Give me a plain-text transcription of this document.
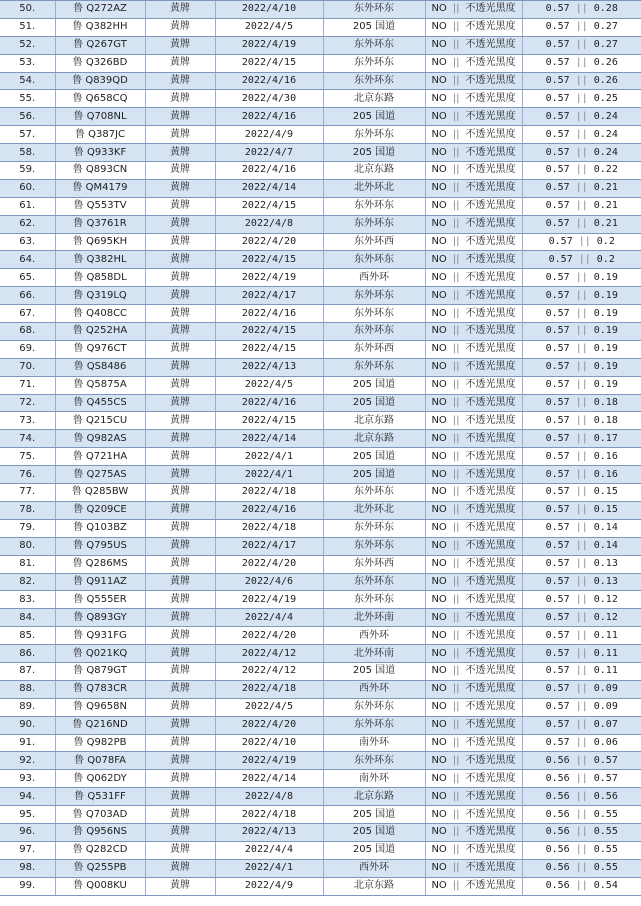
50.	鲁 Q272AZ	黄牌	2022/4/10	东外环东	NO || 不透光黑度	0.57 || 0.28
51.	鲁 Q382HH	黄牌	2022/4/5	205 国道	NO || 不透光黑度	0.57 || 0.27
52.	鲁 Q267GT	黄牌	2022/4/19	东外环东	NO || 不透光黑度	0.57 || 0.27
53.	鲁 Q326BD	黄牌	2022/4/15	东外环东	NO || 不透光黑度	0.57 || 0.26
54.	鲁 Q839QD	黄牌	2022/4/16	东外环东	NO || 不透光黑度	0.57 || 0.26
55.	鲁 Q658CQ	黄牌	2022/4/30	北京东路	NO || 不透光黑度	0.57 || 0.25
56.	鲁 Q708NL	黄牌	2022/4/16	205 国道	NO || 不透光黑度	0.57 || 0.24
57.	鲁 Q387JC	黄牌	2022/4/9	东外环东	NO || 不透光黑度	0.57 || 0.24
58.	鲁 Q933KF	黄牌	2022/4/7	205 国道	NO || 不透光黑度	0.57 || 0.24
59.	鲁 Q893CN	黄牌	2022/4/16	北京东路	NO || 不透光黑度	0.57 || 0.22
60.	鲁 QM4179	黄牌	2022/4/14	北外环北	NO || 不透光黑度	0.57 || 0.21
61.	鲁 Q553TV	黄牌	2022/4/15	东外环东	NO || 不透光黑度	0.57 || 0.21
62.	鲁 Q3761R	黄牌	2022/4/8	东外环东	NO || 不透光黑度	0.57 || 0.21
63.	鲁 Q695KH	黄牌	2022/4/20	东外环西	NO || 不透光黑度	0.57 || 0.2
64.	鲁 Q382HL	黄牌	2022/4/15	东外环东	NO || 不透光黑度	0.57 || 0.2
65.	鲁 Q858DL	黄牌	2022/4/19	西外环	NO || 不透光黑度	0.57 || 0.19
66.	鲁 Q319LQ	黄牌	2022/4/17	东外环东	NO || 不透光黑度	0.57 || 0.19
67.	鲁 Q408CC	黄牌	2022/4/16	东外环东	NO || 不透光黑度	0.57 || 0.19
68.	鲁 Q252HA	黄牌	2022/4/15	东外环东	NO || 不透光黑度	0.57 || 0.19
69.	鲁 Q976CT	黄牌	2022/4/15	东外环西	NO || 不透光黑度	0.57 || 0.19
70.	鲁 QS8486	黄牌	2022/4/13	东外环东	NO || 不透光黑度	0.57 || 0.19
71.	鲁 Q5875A	黄牌	2022/4/5	205 国道	NO || 不透光黑度	0.57 || 0.19
72.	鲁 Q455CS	黄牌	2022/4/16	205 国道	NO || 不透光黑度	0.57 || 0.18
73.	鲁 Q215CU	黄牌	2022/4/15	北京东路	NO || 不透光黑度	0.57 || 0.18
74.	鲁 Q982AS	黄牌	2022/4/14	北京东路	NO || 不透光黑度	0.57 || 0.17
75.	鲁 Q721HA	黄牌	2022/4/1	205 国道	NO || 不透光黑度	0.57 || 0.16
76.	鲁 Q275AS	黄牌	2022/4/1	205 国道	NO || 不透光黑度	0.57 || 0.16
77.	鲁 Q285BW	黄牌	2022/4/18	东外环东	NO || 不透光黑度	0.57 || 0.15
78.	鲁 Q209CE	黄牌	2022/4/16	北外环北	NO || 不透光黑度	0.57 || 0.15
79.	鲁 Q103BZ	黄牌	2022/4/18	东外环东	NO || 不透光黑度	0.57 || 0.14
80.	鲁 Q795US	黄牌	2022/4/17	东外环东	NO || 不透光黑度	0.57 || 0.14
81.	鲁 Q286MS	黄牌	2022/4/20	东外环西	NO || 不透光黑度	0.57 || 0.13
82.	鲁 Q911AZ	黄牌	2022/4/6	东外环东	NO || 不透光黑度	0.57 || 0.13
83.	鲁 Q555ER	黄牌	2022/4/19	东外环东	NO || 不透光黑度	0.57 || 0.12
84.	鲁 Q893GY	黄牌	2022/4/4	北外环南	NO || 不透光黑度	0.57 || 0.12
85.	鲁 Q931FG	黄牌	2022/4/20	西外环	NO || 不透光黑度	0.57 || 0.11
86.	鲁 Q021KQ	黄牌	2022/4/12	北外环南	NO || 不透光黑度	0.57 || 0.11
87.	鲁 Q879GT	黄牌	2022/4/12	205 国道	NO || 不透光黑度	0.57 || 0.11
88.	鲁 Q783CR	黄牌	2022/4/18	西外环	NO || 不透光黑度	0.57 || 0.09
89.	鲁 Q9658N	黄牌	2022/4/5	东外环东	NO || 不透光黑度	0.57 || 0.09
90.	鲁 Q216ND	黄牌	2022/4/20	东外环东	NO || 不透光黑度	0.57 || 0.07
91.	鲁 Q982PB	黄牌	2022/4/10	南外环	NO || 不透光黑度	0.57 || 0.06
92.	鲁 Q078FA	黄牌	2022/4/19	东外环东	NO || 不透光黑度	0.56 || 0.57
93.	鲁 Q062DY	黄牌	2022/4/14	南外环	NO || 不透光黑度	0.56 || 0.57
94.	鲁 Q531FF	黄牌	2022/4/8	北京东路	NO || 不透光黑度	0.56 || 0.56
95.	鲁 Q703AD	黄牌	2022/4/18	205 国道	NO || 不透光黑度	0.56 || 0.55
96.	鲁 Q956NS	黄牌	2022/4/13	205 国道	NO || 不透光黑度	0.56 || 0.55
97.	鲁 Q282CD	黄牌	2022/4/4	205 国道	NO || 不透光黑度	0.56 || 0.55
98.	鲁 Q255PB	黄牌	2022/4/1	西外环	NO || 不透光黑度	0.56 || 0.55
99.	鲁 Q008KU	黄牌	2022/4/9	北京东路	NO || 不透光黑度	0.56 || 0.54
